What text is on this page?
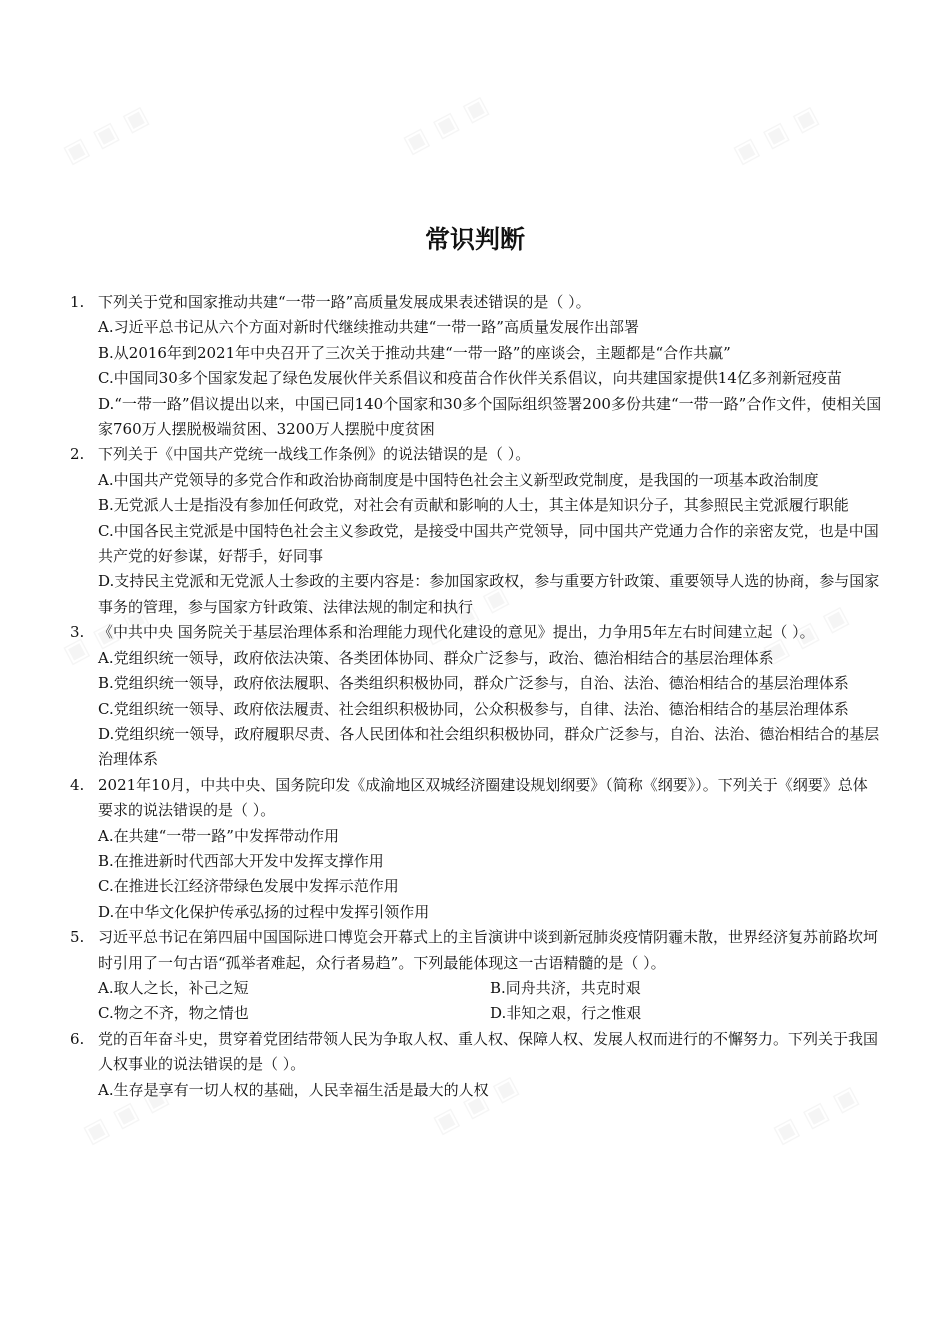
常识判断
1. 下列关于党和国家推动共建“一带一路”高质量发展成果表述错误的是（ ）。
A.习近平总书记从六个方面对新时代继续推动共建“一带一路”高质量发展作出部署
B.从2016年到2021年中央召开了三次关于推动共建“一带一路”的座谈会，主题都是“合作共赢”
C.中国同30多个国家发起了绿色发展伙伴关系倡议和疫苗合作伙伴关系倡议，向共建国家提供14亿多剂新冠疫苗
D.“一带一路”倡议提出以来，中国已同140个国家和30多个国际组织签署200多份共建“一带一路”合作文件，使相关国家760万人摆脱极端贫困、3200万人摆脱中度贫困
2. 下列关于《中国共产党统一战线工作条例》的说法错误的是（ ）。
A.中国共产党领导的多党合作和政治协商制度是中国特色社会主义新型政党制度，是我国的一项基本政治制度
B.无党派人士是指没有参加任何政党，对社会有贡献和影响的人士，其主体是知识分子，其参照民主党派履行职能
C.中国各民主党派是中国特色社会主义参政党，是接受中国共产党领导，同中国共产党通力合作的亲密友党，也是中国共产党的好参谋，好帮手，好同事
D.支持民主党派和无党派人士参政的主要内容是：参加国家政权，参与重要方针政策、重要领导人选的协商，参与国家事务的管理，参与国家方针政策、法律法规的制定和执行
3. 《中共中央 国务院关于基层治理体系和治理能力现代化建设的意见》提出，力争用5年左右时间建立起（ ）。
A.党组织统一领导，政府依法决策、各类团体协同、群众广泛参与，政治、德治相结合的基层治理体系
B.党组织统一领导，政府依法履职、各类组织积极协同，群众广泛参与，自治、法治、德治相结合的基层治理体系
C.党组织统一领导、政府依法履责、社会组织积极协同，公众积极参与，自律、法治、德治相结合的基层治理体系
D.党组织统一领导，政府履职尽责、各人民团体和社会组织积极协同，群众广泛参与，自治、法治、德治相结合的基层治理体系
4. 2021年10月，中共中央、国务院印发《成渝地区双城经济圈建设规划纲要》（简称《纲要》）。下列关于《纲要》总体要求的说法错误的是（ ）。
A.在共建“一带一路”中发挥带动作用
B.在推进新时代西部大开发中发挥支撑作用
C.在推进长江经济带绿色发展中发挥示范作用
D.在中华文化保护传承弘扬的过程中发挥引领作用
5. 习近平总书记在第四届中国国际进口博览会开幕式上的主旨演讲中谈到新冠肺炎疫情阴霾未散，世界经济复苏前路坎坷时引用了一句古语“孤举者难起，众行者易趋”。下列最能体现这一古语精髓的是（ ）。
A.取人之长，补己之短	B.同舟共济，共克时艰
C.物之不齐，物之情也	D.非知之艰，行之惟艰
6. 党的百年奋斗史，贯穿着党团结带领人民为争取人权、重人权、保障人权、发展人权而进行的不懈努力。下列关于我国人权事业的说法错误的是（ ）。
A.生存是享有一切人权的基础，人民幸福生活是最大的人权
